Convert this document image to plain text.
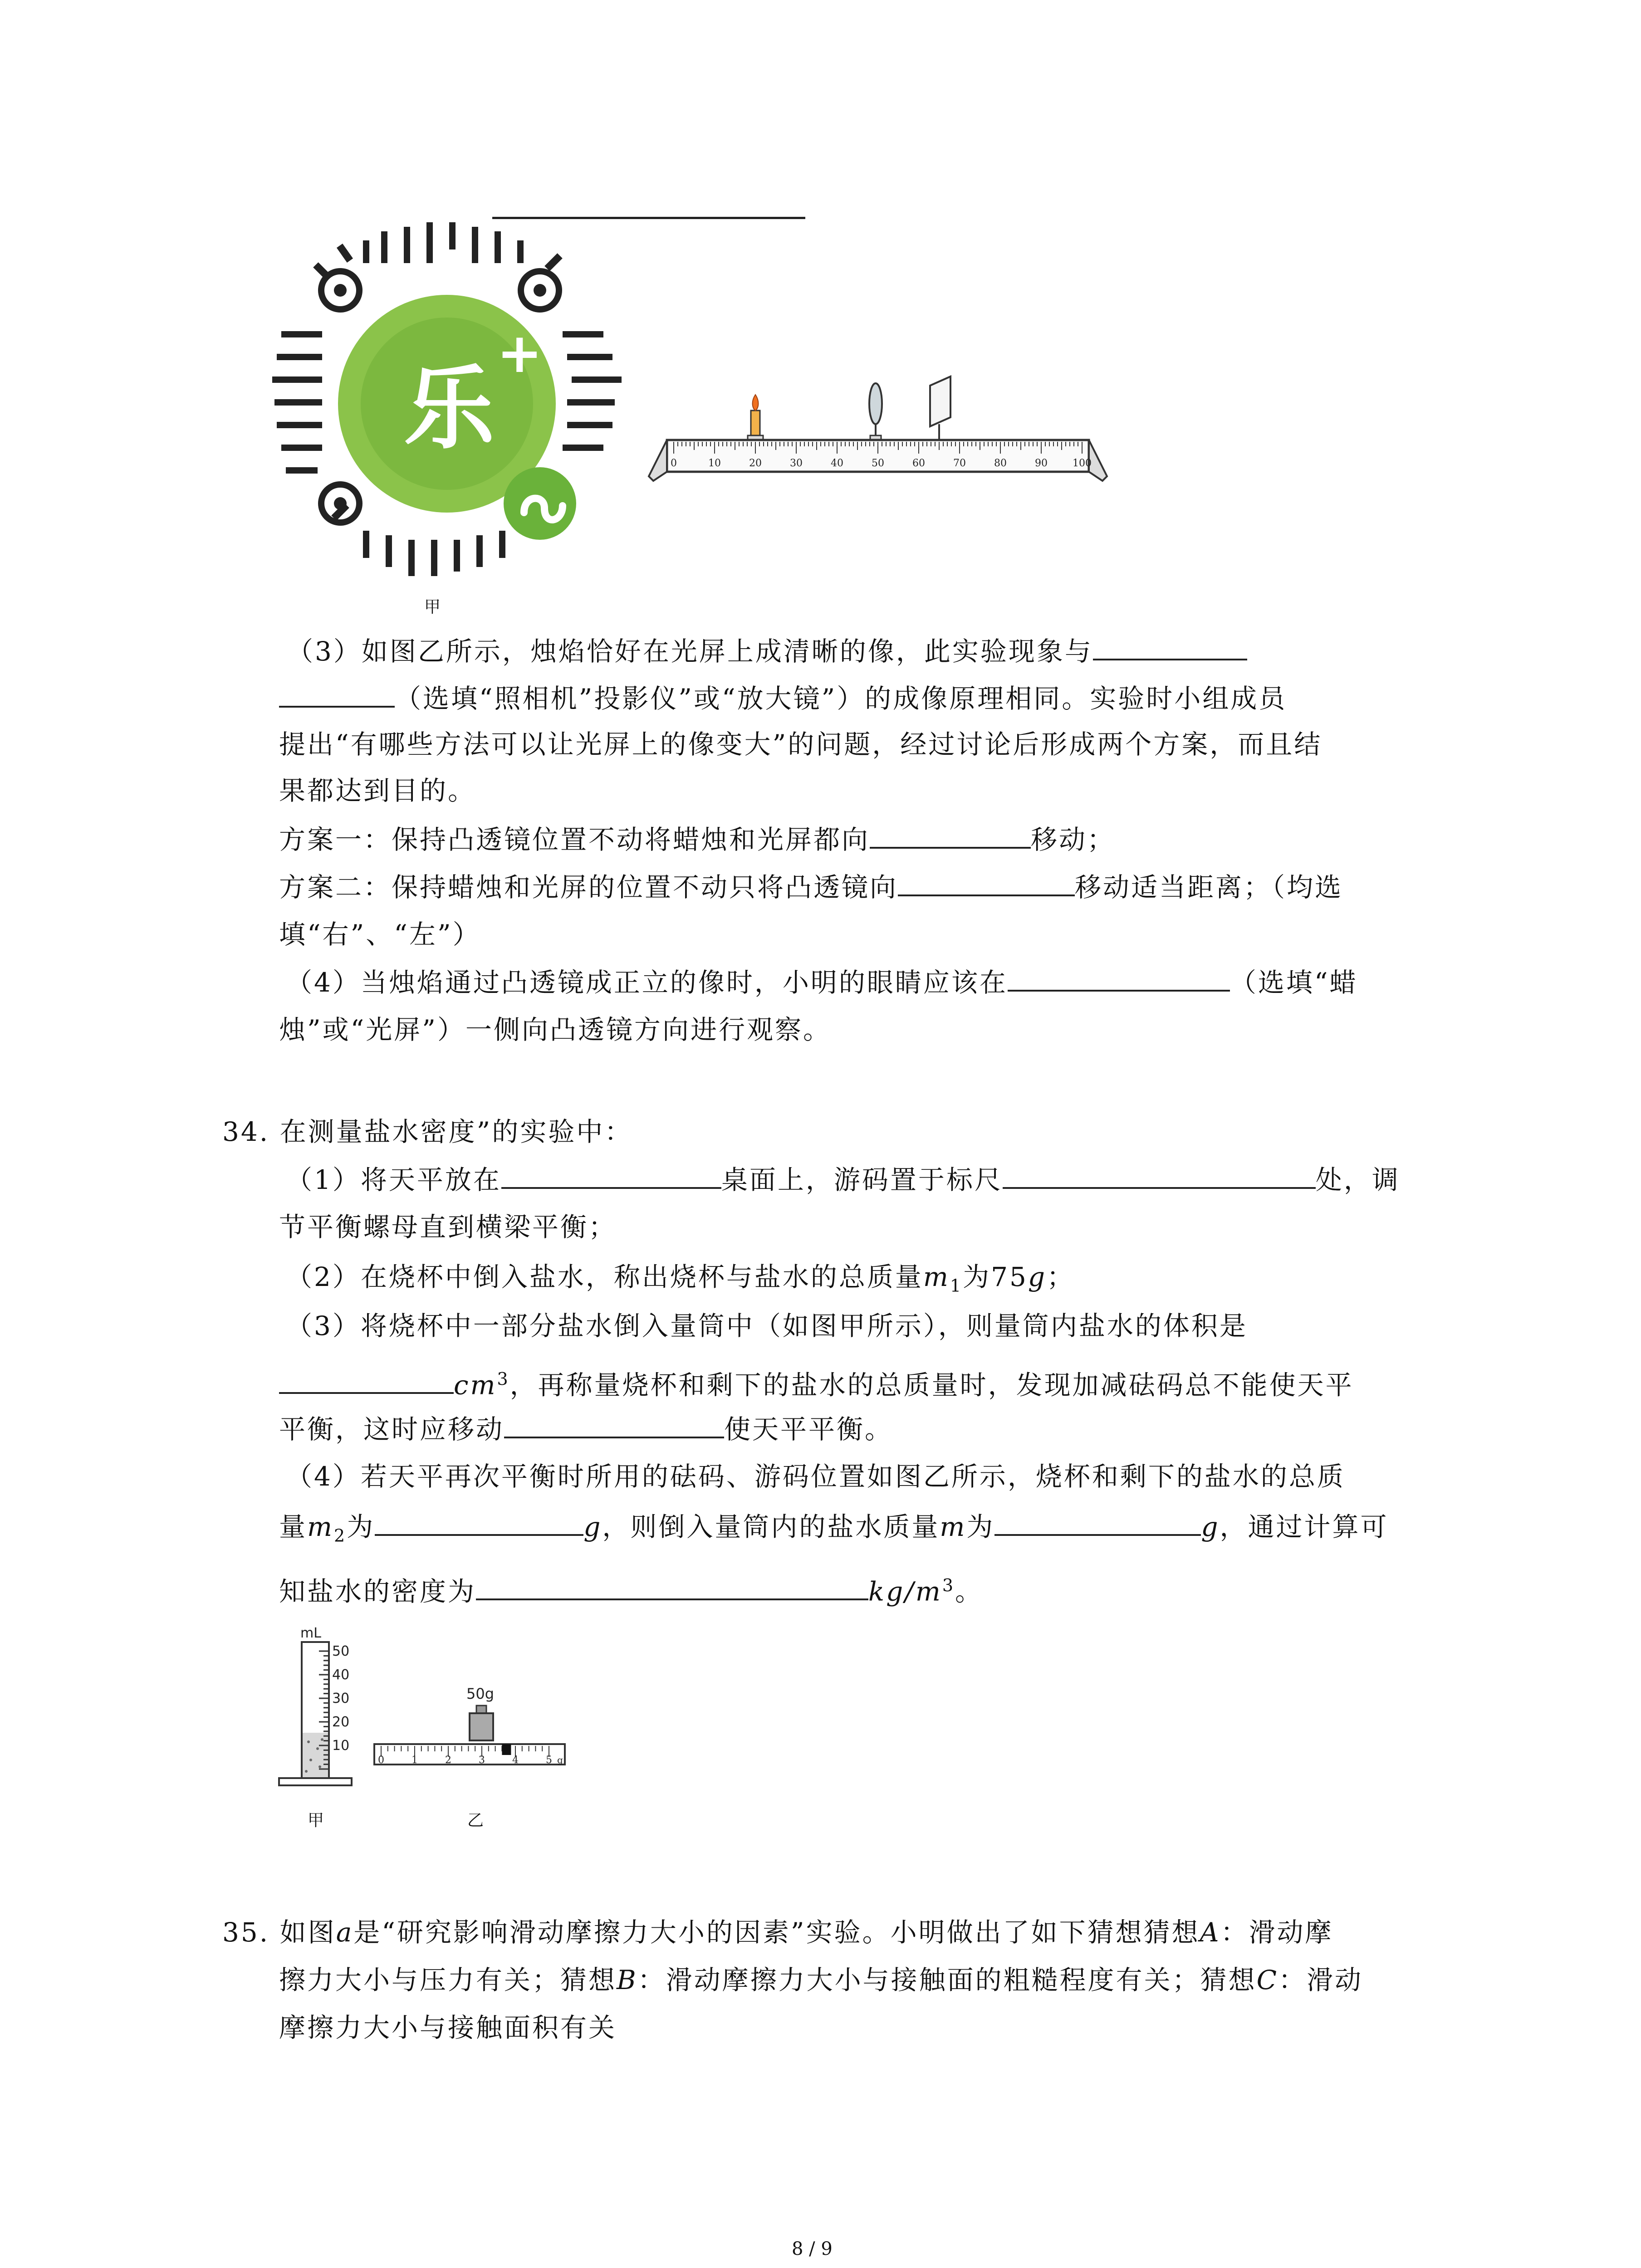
乐
+
甲
0	10	20	30	40	50	60	70	80	90	100
（3）如图乙所示，烛焰恰好在光屏上成清晰的像，此实验现象与
（选填“照相机”投影仪”或“放大镜”）的成像原理相同。实验时小组成员
提出“有哪些方法可以让光屏上的像变大”的问题，经过讨论后形成两个方案，而且结
果都达到目的。
方案一：保持凸透镜位置不动将蜡烛和光屏都向	移动；
方案二：保持蜡烛和光屏的位置不动只将凸透镜向	移动适当距离；（均选
填“右”、“左”）
（4）当烛焰通过凸透镜成正立的像时，小明的眼睛应该在	（选填“蜡
烛”或“光屏”）一侧向凸透镜方向进行观察。
34. 在测量盐水密度”的实验中：
（1）将天平放在	桌面上，游码置于标尺	处，调
节平衡螺母直到横梁平衡；
（2）在烧杯中倒入盐水，称出烧杯与盐水的总质量$m_1$为75g；
（3）将烧杯中一部分盐水倒入量筒中（如图甲所示），则量筒内盐水的体积是
$cm^3$，再称量烧杯和剩下的盐水的总质量时，发现加减砝码总不能使天平
平衡，这时应移动	使天平平衡。
（4）若天平再次平衡时所用的砝码、游码位置如图乙所示，烧杯和剩下的盐水的总质
量$m_2$为	g，则倒入量筒内的盐水质量m为	g，通过计算可
知盐水的密度为	$kg/m^3$。
mL
50
40
30
20
10
甲
50g
0	1	2	3	4	5 g
乙
35. 如图a是“研究影响滑动摩擦力大小的因素”实验。小明做出了如下猜想猜想A：滑动摩
擦力大小与压力有关；猜想B：滑动摩擦力大小与接触面的粗糙程度有关；猜想C：滑动
摩擦力大小与接触面积有关
8 / 9
